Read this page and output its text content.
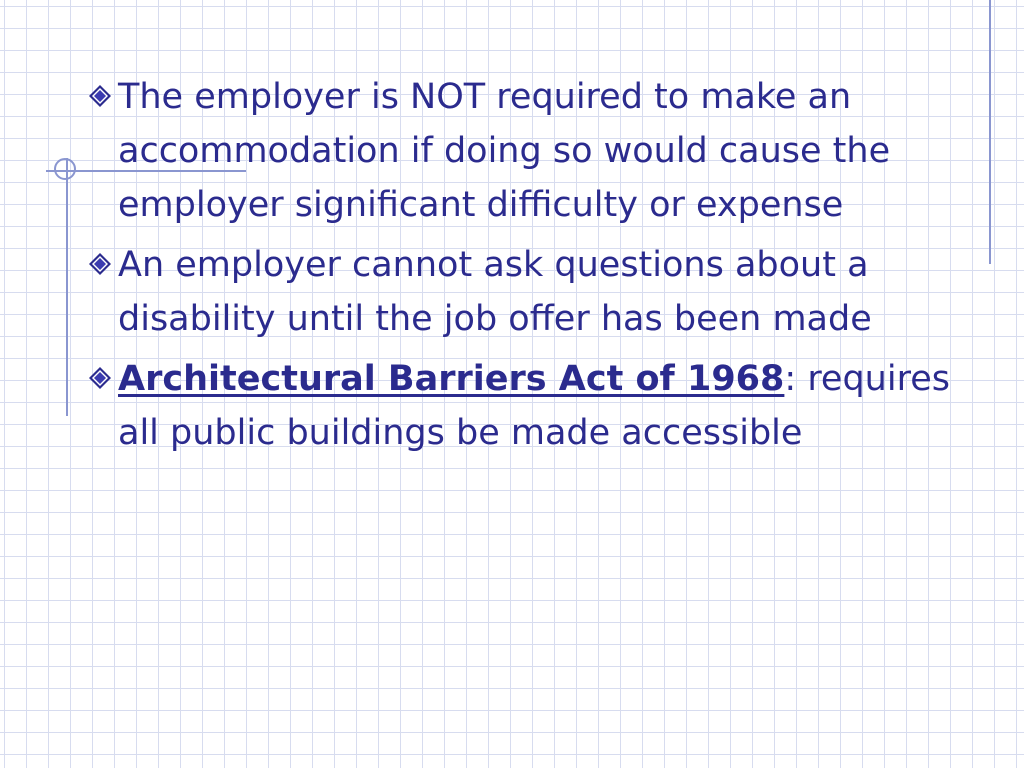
The employer is NOT required to make an accommodation if doing so would cause the employer significant difficulty or expense
An employer cannot ask questions about a disability until the job offer has been made
Architectural Barriers Act of 1968: requires all public buildings be made accessible
